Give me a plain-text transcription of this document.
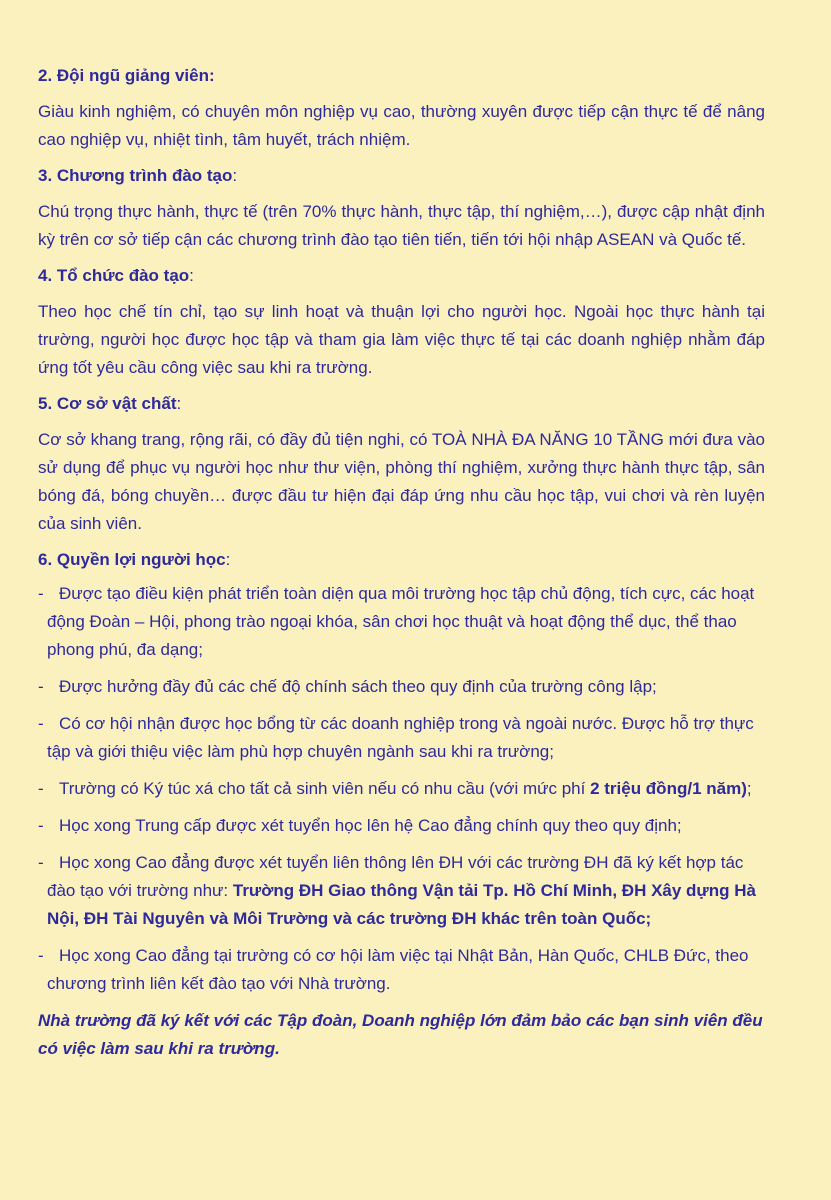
2. Đội ngũ giảng viên:

Giàu kinh nghiệm, có chuyên môn nghiệp vụ cao, thường xuyên được tiếp cận thực tế để nâng cao nghiệp vụ, nhiệt tình, tâm huyết, trách nhiệm.

3. Chương trình đào tạo:

Chú trọng thực hành, thực tế (trên 70% thực hành, thực tập, thí nghiệm,…), được cập nhật định kỳ trên cơ sở tiếp cận các chương trình đào tạo tiên tiến, tiến tới hội nhập ASEAN và Quốc tế.

4. Tổ chức đào tạo:

Theo học chế tín chỉ, tạo sự linh hoạt và thuận lợi cho người học. Ngoài học thực hành tại trường, người học được học tập và tham gia làm việc thực tế tại các doanh nghiệp nhằm đáp ứng tốt yêu cầu công việc sau khi ra trường.

5. Cơ sở vật chất:

Cơ sở khang trang, rộng rãi, có đầy đủ tiện nghi, có TOÀ NHÀ ĐA NĂNG 10 TẦNG mới đưa vào sử dụng để phục vụ người học như thư viện, phòng thí nghiệm, xưởng thực hành thực tập, sân bóng đá, bóng chuyền… được đầu tư hiện đại đáp ứng nhu cầu học tập, vui chơi và rèn luyện của sinh viên.

6. Quyền lợi người học:

- Được tạo điều kiện phát triển toàn diện qua môi trường học tập chủ động, tích cực, các hoạt động Đoàn – Hội, phong trào ngoại khóa, sân chơi học thuật và hoạt động thể dục, thể thao phong phú, đa dạng;
- Được hưởng đầy đủ các chế độ chính sách theo quy định của trường công lập;
- Có cơ hội nhận được học bổng từ các doanh nghiệp trong và ngoài nước. Được hỗ trợ thực tập và giới thiệu việc làm phù hợp chuyên ngành sau khi ra trường;
- Trường có Ký túc xá cho tất cả sinh viên nếu có nhu cầu (với mức phí 2 triệu đồng/1 năm);
- Học xong Trung cấp được xét tuyển học lên hệ Cao đẳng chính quy theo quy định;
- Học xong Cao đẳng được xét tuyển liên thông lên ĐH với các trường ĐH đã ký kết hợp tác đào tạo với trường như: Trường ĐH Giao thông Vận tải Tp. Hồ Chí Minh, ĐH Xây dựng Hà Nội, ĐH Tài Nguyên và Môi Trường và các trường ĐH khác trên toàn Quốc;
- Học xong Cao đẳng tại trường có cơ hội làm việc tại Nhật Bản, Hàn Quốc, CHLB Đức, theo chương trình liên kết đào tạo với Nhà trường.

Nhà trường đã ký kết với các Tập đoàn, Doanh nghiệp lớn đảm bảo các bạn sinh viên đều có việc làm sau khi ra trường.
